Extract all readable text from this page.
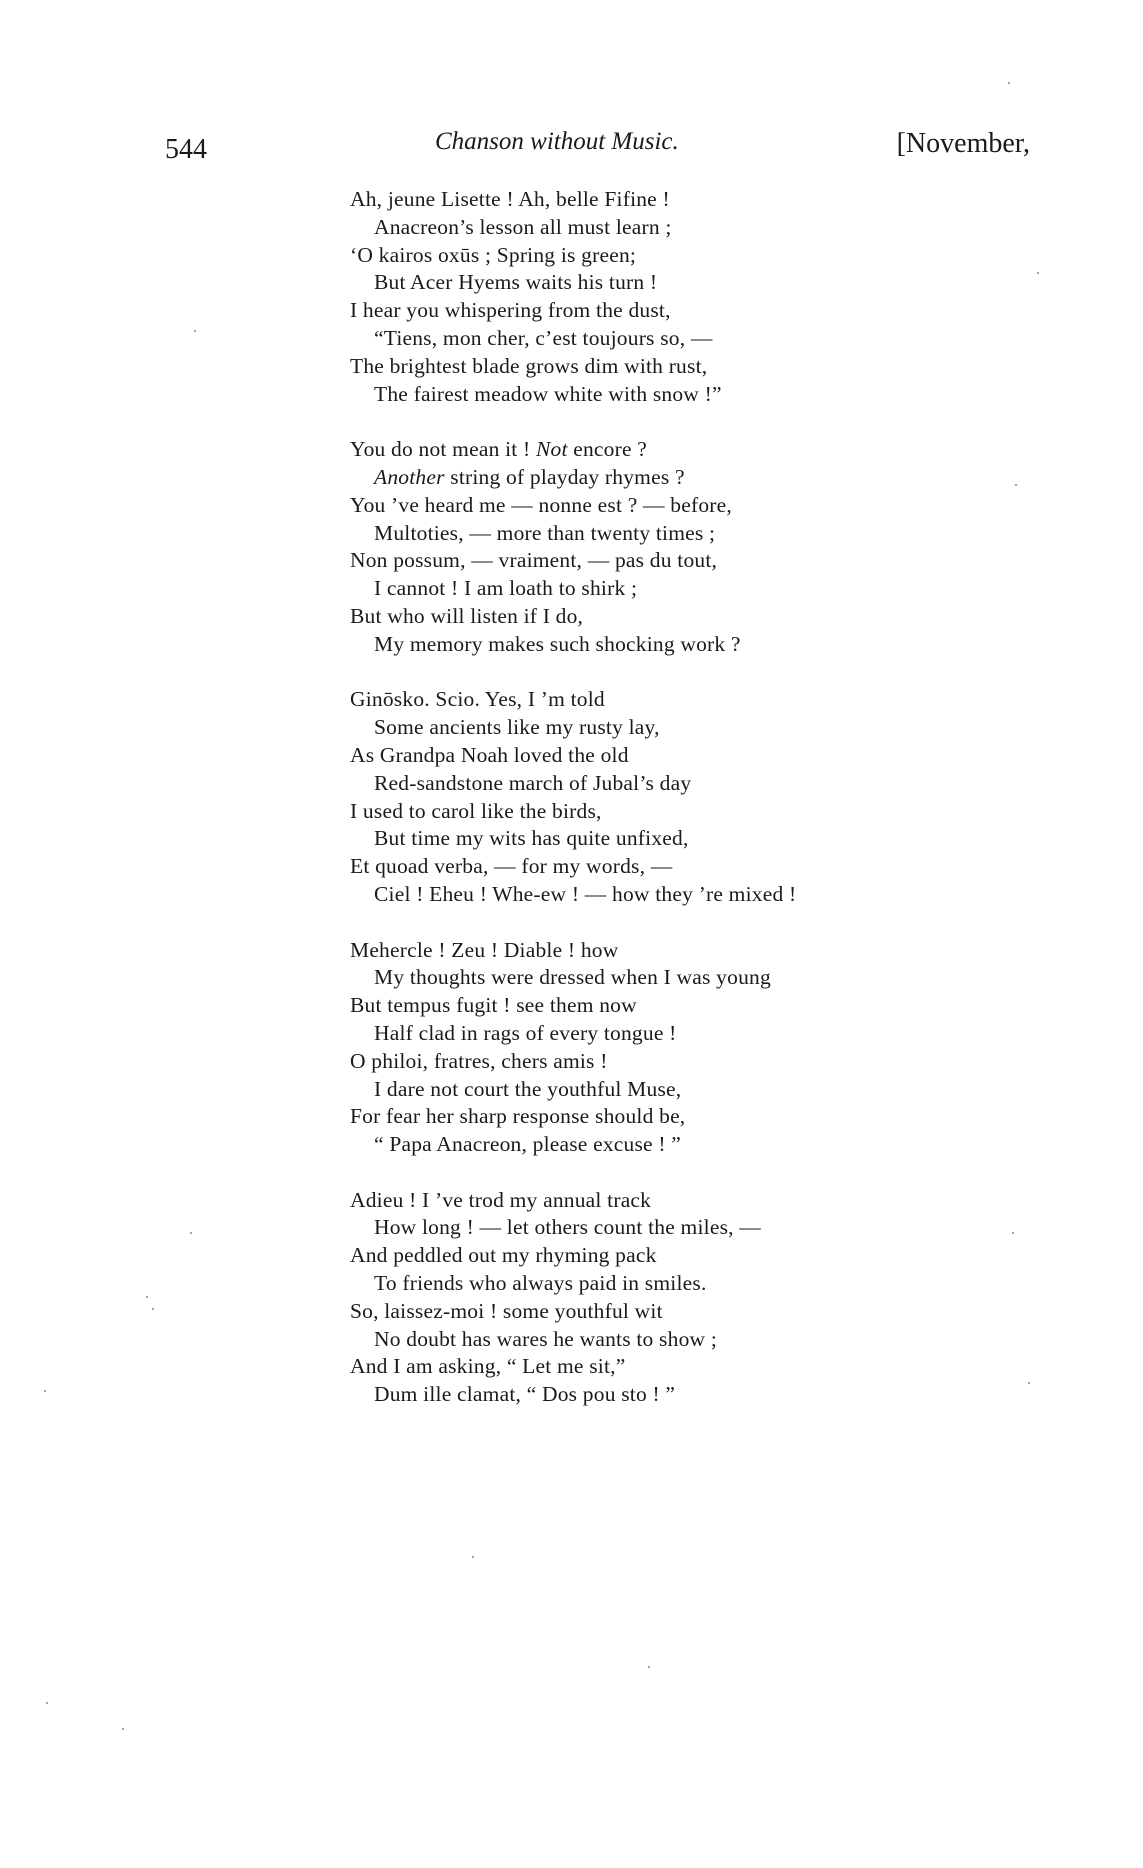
544	Chanson without Music.	[November,
Ah, jeune Lisette ! Ah, belle Fifine !
Anacreon’s lesson all must learn ;
‘O kairos oxūs ; Spring is green;
But Acer Hyems waits his turn !
I hear you whispering from the dust,
“Tiens, mon cher, c’est toujours so, —
The brightest blade grows dim with rust,
The fairest meadow white with snow !”
You do not mean it ! Not encore ?
Another string of playday rhymes ?
You ’ve heard me — nonne est ? — before,
Multoties, — more than twenty times ;
Non possum, — vraiment, — pas du tout,
I cannot ! I am loath to shirk ;
But who will listen if I do,
My memory makes such shocking work ?
Ginōsko. Scio. Yes, I ’m told
Some ancients like my rusty lay,
As Grandpa Noah loved the old
Red-sandstone march of Jubal’s day
I used to carol like the birds,
But time my wits has quite unfixed,
Et quoad verba, — for my words, —
Ciel ! Eheu ! Whe-ew ! — how they ’re mixed !
Mehercle ! Zeu ! Diable ! how
My thoughts were dressed when I was young
But tempus fugit ! see them now
Half clad in rags of every tongue !
O philoi, fratres, chers amis !
I dare not court the youthful Muse,
For fear her sharp response should be,
“ Papa Anacreon, please excuse ! ”
Adieu ! I ’ve trod my annual track
How long ! — let others count the miles, —
And peddled out my rhyming pack
To friends who always paid in smiles.
So, laissez-moi ! some youthful wit
No doubt has wares he wants to show ;
And I am asking, “ Let me sit,”
Dum ille clamat, “ Dos pou sto ! ”
